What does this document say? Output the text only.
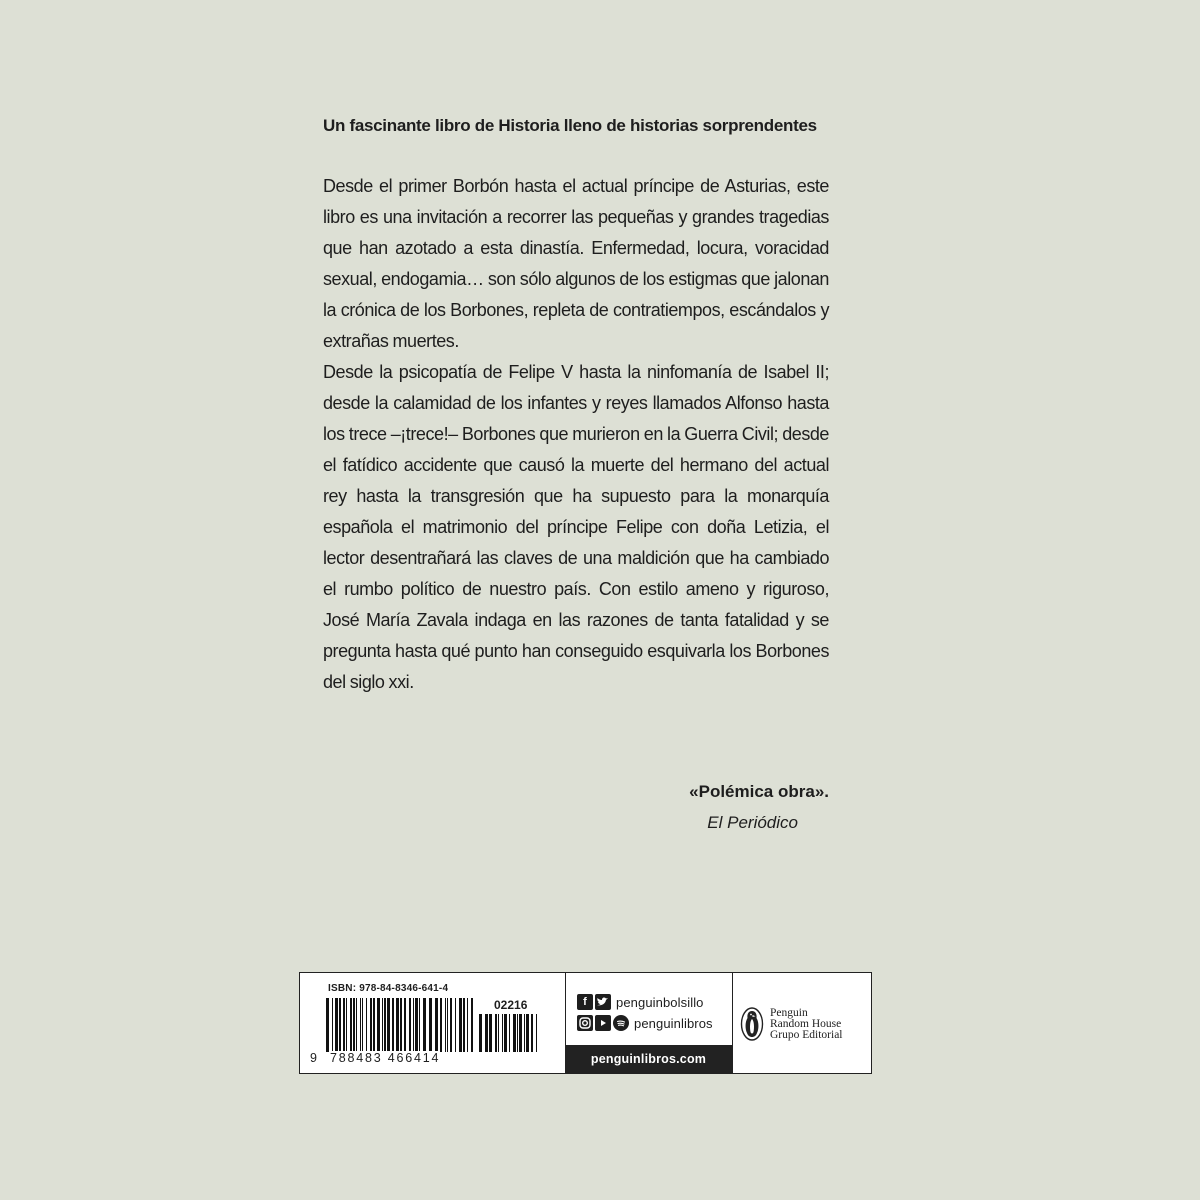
Un fascinante libro de Historia lleno de historias sorprendentes

Desde el primer Borbón hasta el actual príncipe de Asturias, este libro es una invitación a recorrer las pequeñas y grandes tragedias que han azotado a esta dinastía. Enfermedad, locura, voracidad sexual, endogamia… son sólo algunos de los estigmas que jalonan la crónica de los Borbones, repleta de contratiempos, escándalos y extrañas muertes.

Desde la psicopatía de Felipe V hasta la ninfomanía de Isabel II; desde la calamidad de los infantes y reyes llamados Alfonso hasta los trece –¡trece!– Borbones que murieron en la Guerra Civil; desde el fatídico accidente que causó la muerte del hermano del actual rey hasta la transgresión que ha supuesto para la monarquía española el matrimonio del príncipe Felipe con doña Letizia, el lector desentrañará las claves de una maldición que ha cambiado el rumbo político de nuestro país. Con estilo ameno y riguroso, José María Zavala indaga en las razones de tanta fatalidad y se pregunta hasta qué punto han conseguido esquivarla los Borbones del siglo xxi.

«Polémica obra».
El Periódico
ISBN: 978-84-8346-641-4
02216
9 788483 466414
f	penguinbolsillo
penguinlibros
penguinlibros.com
Penguin
Random House
Grupo Editorial
